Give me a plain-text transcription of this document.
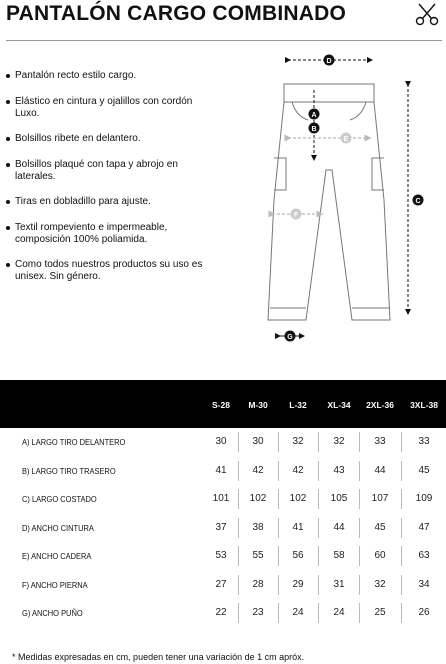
PANTALÓN CARGO COMBINADO
Pantalón recto estilo cargo.
Elástico en cintura y ojalillos con cordón Luxo.
Bolsillos ribete en delantero.
Bolsillos plaqué con tapa y abrojo en laterales.
Tiras en dobladillo para ajuste.
Textil rompeviento e impermeable, composición 100% poliamida.
Como todos nuestros productos su uso es unisex. Sin género.
D
A
B
C
E
F
G
S-28	M-30	L-32	XL-34	2XL-36	3XL-38
A) LARGO TIRO DELANTERO	30	30	32	32	33	33
B) LARGO TIRO TRASERO	41	42	42	43	44	45
C) LARGO COSTADO	101	102	102	105	107	109
D) ANCHO CINTURA	37	38	41	44	45	47
E) ANCHO CADERA	53	55	56	58	60	63
F) ANCHO PIERNA	27	28	29	31	32	34
G) ANCHO PUÑO	22	23	24	24	25	26
* Medidas expresadas en cm, pueden tener una variación de 1 cm apróx.
